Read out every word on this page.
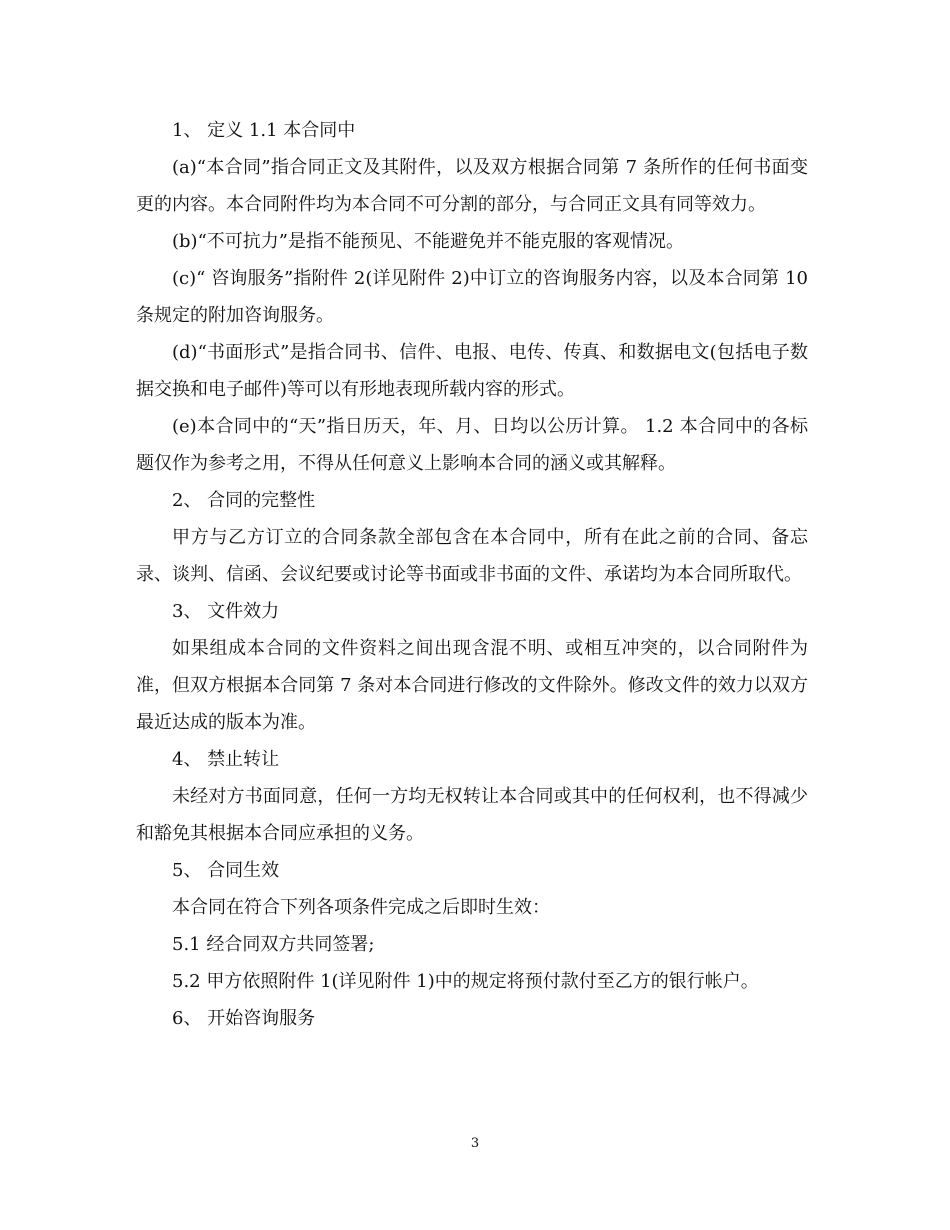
1、 定义 1.1 本合同中

(a)“本合同”指合同正文及其附件，以及双方根据合同第 7 条所作的任何书面变更的内容。本合同附件均为本合同不可分割的部分，与合同正文具有同等效力。

(b)“不可抗力”是指不能预见、不能避免并不能克服的客观情况。

(c)“ 咨询服务”指附件 2(详见附件 2)中订立的咨询服务内容，以及本合同第 10 条规定的附加咨询服务。

(d)“书面形式”是指合同书、信件、电报、电传、传真、和数据电文(包括电子数据交换和电子邮件)等可以有形地表现所载内容的形式。

(e)本合同中的“天”指日历天，年、月、日均以公历计算。 1.2 本合同中的各标题仅作为参考之用，不得从任何意义上影响本合同的涵义或其解释。

2、 合同的完整性

甲方与乙方订立的合同条款全部包含在本合同中，所有在此之前的合同、备忘录、谈判、信函、会议纪要或讨论等书面或非书面的文件、承诺均为本合同所取代。

3、 文件效力

如果组成本合同的文件资料之间出现含混不明、或相互冲突的，以合同附件为准，但双方根据本合同第 7 条对本合同进行修改的文件除外。修改文件的效力以双方最近达成的版本为准。

4、 禁止转让

未经对方书面同意，任何一方均无权转让本合同或其中的任何权利，也不得减少和豁免其根据本合同应承担的义务。

5、 合同生效

本合同在符合下列各项条件完成之后即时生效：

5.1 经合同双方共同签署;

5.2 甲方依照附件 1(详见附件 1)中的规定将预付款付至乙方的银行帐户。

6、 开始咨询服务

3
